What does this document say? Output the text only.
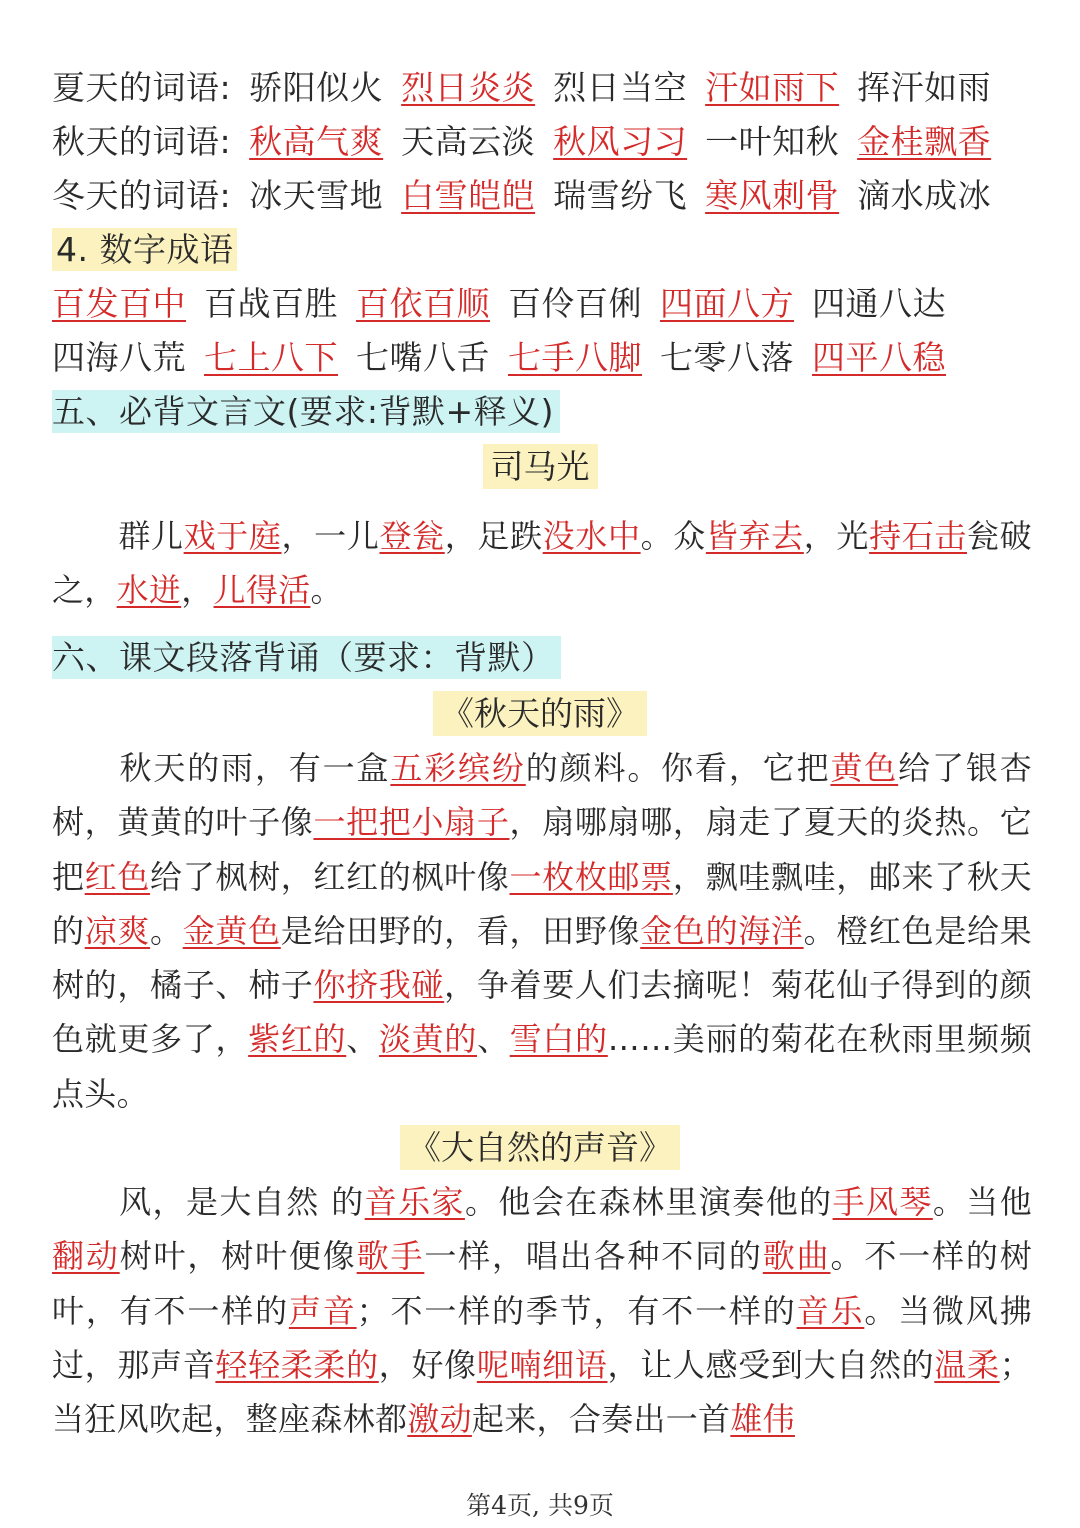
夏天的词语: 骄阳似火 烈日炎炎 烈日当空 汗如雨下 挥汗如雨
秋天的词语: 秋高气爽 天高云淡 秋风习习 一叶知秋 金桂飘香
冬天的词语: 冰天雪地 白雪皑皑 瑞雪纷飞 寒风刺骨 滴水成冰
4. 数字成语
百发百中 百战百胜 百依百顺 百伶百俐 四面八方 四通八达
四海八荒 七上八下 七嘴八舌 七手八脚 七零八落 四平八稳
五、必背文言文(要求:背默+释义)
司马光
群儿戏于庭，一儿登瓮，足跌没水中。众皆弃去，光持石击瓮破之，水迸，儿得活。
六、课文段落背诵（要求：背默）
《秋天的雨》
秋天的雨，有一盒五彩缤纷的颜料。你看，它把黄色给了银杏树，黄黄的叶子像一把把小扇子，扇哪扇哪，扇走了夏天的炎热。它把红色给了枫树，红红的枫叶像一枚枚邮票，飘哇飘哇，邮来了秋天的凉爽。金黄色是给田野的，看，田野像金色的海洋。橙红色是给果树的，橘子、柿子你挤我碰，争着要人们去摘呢！菊花仙子得到的颜色就更多了，紫红的、淡黄的、雪白的……美丽的菊花在秋雨里频频点头。
《大自然的声音》
风，是大自然 的音乐家。他会在森林里演奏他的手风琴。当他翻动树叶，树叶便像歌手一样，唱出各种不同的歌曲。不一样的树叶，有不一样的声音；不一样的季节，有不一样的音乐。当微风拂过，那声音轻轻柔柔的，好像呢喃细语，让人感受到大自然的温柔；当狂风吹起，整座森林都激动起来，合奏出一首雄伟
第4页, 共9页
